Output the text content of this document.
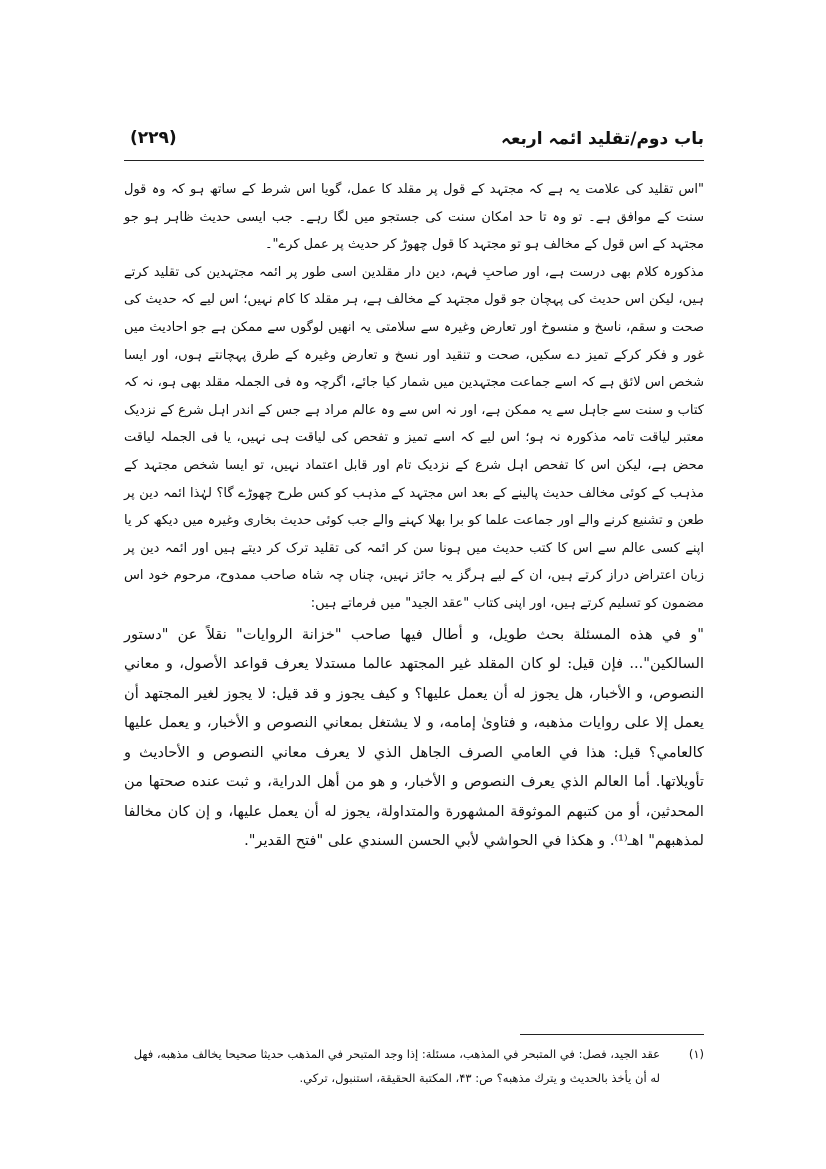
باب دوم/تقلید ائمہ اربعہ
(۲۲۹)

"اس تقلید کی علامت یہ ہے کہ مجتہد کے قول پر مقلد کا عمل، گویا اس شرط کے ساتھ ہو کہ وہ قول سنت کے موافق ہے۔ تو وہ تا حد امکان سنت کی جستجو میں لگا رہے۔ جب ایسی حدیث ظاہر ہو جو مجتہد کے اس قول کے مخالف ہو تو مجتہد کا قول چھوڑ کر حدیث پر عمل کرے"۔

مذکورہ کلام بھی درست ہے، اور صاحبِ فہم، دین دار مقلدین اسی طور پر ائمہ مجتہدین کی تقلید کرتے ہیں، لیکن اس حدیث کی پہچان جو قول مجتہد کے مخالف ہے، ہر مقلد کا کام نہیں؛ اس لیے کہ حدیث کی صحت و سقم، ناسخ و منسوخ اور تعارض وغیرہ سے سلامتی یہ انھیں لوگوں سے ممکن ہے جو احادیث میں غور و فکر کرکے تمیز دے سکیں، صحت و تنقید اور نسخ و تعارض وغیرہ کے طرق پہچانتے ہوں، اور ایسا شخص اس لائق ہے کہ اسے جماعت مجتہدین میں شمار کیا جائے، اگرچہ وہ فی الجملہ مقلد بھی ہو، نہ کہ کتاب و سنت سے جاہل سے یہ ممکن ہے، اور نہ اس سے وہ عالم مراد ہے جس کے اندر اہل شرع کے نزدیک معتبر لیاقت تامہ مذکورہ نہ ہو؛ اس لیے کہ اسے تمیز و تفحص کی لیاقت ہی نہیں، یا فی الجملہ لیاقت محض ہے، لیکن اس کا تفحص اہل شرع کے نزدیک تام اور قابل اعتماد نہیں، تو ایسا شخص مجتہد کے مذہب کے کوئی مخالف حدیث پالینے کے بعد اس مجتہد کے مذہب کو کس طرح چھوڑے گا؟ لہٰذا ائمہ دین پر طعن و تشنیع کرنے والے اور جماعت علما کو برا بھلا کہنے والے جب کوئی حدیث بخاری وغیرہ میں دیکھ کر یا اپنے کسی عالم سے اس کا کتب حدیث میں ہونا سن کر ائمہ کی تقلید ترک کر دیتے ہیں اور ائمہ دین پر زبان اعتراض دراز کرتے ہیں، ان کے لیے ہرگز یہ جائز نہیں، چناں چہ شاہ صاحب ممدوح، مرحوم خود اس مضمون کو تسلیم کرتے ہیں، اور اپنی کتاب "عقد الجید" میں فرماتے ہیں:

"و في هذه المسئلة بحث طويل، و أطال فيها صاحب "خزانة الروايات" نقلاً عن "دستور السالكين"... فإن قيل: لو كان المقلد غير المجتهد عالما مستدلا يعرف قواعد الأصول، و معاني النصوص، و الأخبار، هل يجوز له أن يعمل عليها؟ و كيف يجوز و قد قيل: لا يجوز لغير المجتهد أن يعمل إلا على روايات مذهبه، و فتاوىٰ إمامه، و لا يشتغل بمعاني النصوص و الأخبار، و يعمل عليها كالعامي؟ قيل: هذا في العامي الصرف الجاهل الذي لا يعرف معاني النصوص و الأحاديث و تأويلاتها. أما العالم الذي يعرف النصوص و الأخبار، و هو من أهل الدراية، و ثبت عنده صحتها من المحدثين، أو من كتبهم الموثوقة المشهورة والمتداولة، يجوز له أن يعمل عليها، و إن كان مخالفا لمذهبهم" اهـ⁽¹⁾. و هكذا في الحواشي لأبي الحسن السندي على "فتح القدير".

(۱)
عقد الجيد، فصل: في المتبحر في المذهب، مسئلة: إذا وجد المتبحر في المذهب حديثا صحيحا يخالف مذهبه، فهل له أن يأخذ بالحديث و يترك مذهبه؟ ص: ۴۳، المكتبة الحقيقة، استنبول، تركي.
